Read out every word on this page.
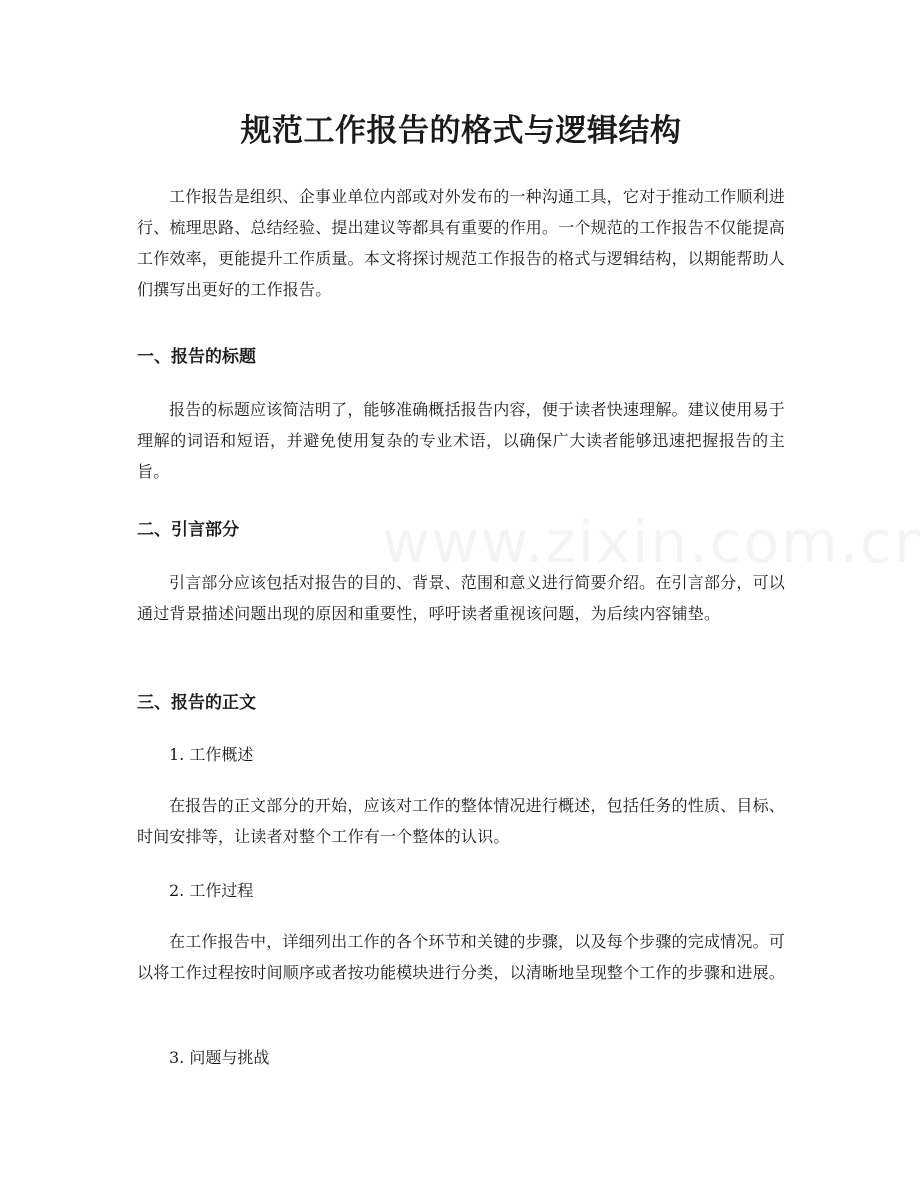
规范工作报告的格式与逻辑结构

工作报告是组织、企事业单位内部或对外发布的一种沟通工具，它对于推动工作顺利进行、梳理思路、总结经验、提出建议等都具有重要的作用。一个规范的工作报告不仅能提高工作效率，更能提升工作质量。本文将探讨规范工作报告的格式与逻辑结构，以期能帮助人们撰写出更好的工作报告。

一、报告的标题

报告的标题应该简洁明了，能够准确概括报告内容，便于读者快速理解。建议使用易于理解的词语和短语，并避免使用复杂的专业术语，以确保广大读者能够迅速把握报告的主旨。

二、引言部分

引言部分应该包括对报告的目的、背景、范围和意义进行简要介绍。在引言部分，可以通过背景描述问题出现的原因和重要性，呼吁读者重视该问题，为后续内容铺垫。

三、报告的正文
1. 工作概述

在报告的正文部分的开始，应该对工作的整体情况进行概述，包括任务的性质、目标、时间安排等，让读者对整个工作有一个整体的认识。

2. 工作过程

在工作报告中，详细列出工作的各个环节和关键的步骤，以及每个步骤的完成情况。可以将工作过程按时间顺序或者按功能模块进行分类，以清晰地呈现整个工作的步骤和进展。

3. 问题与挑战
